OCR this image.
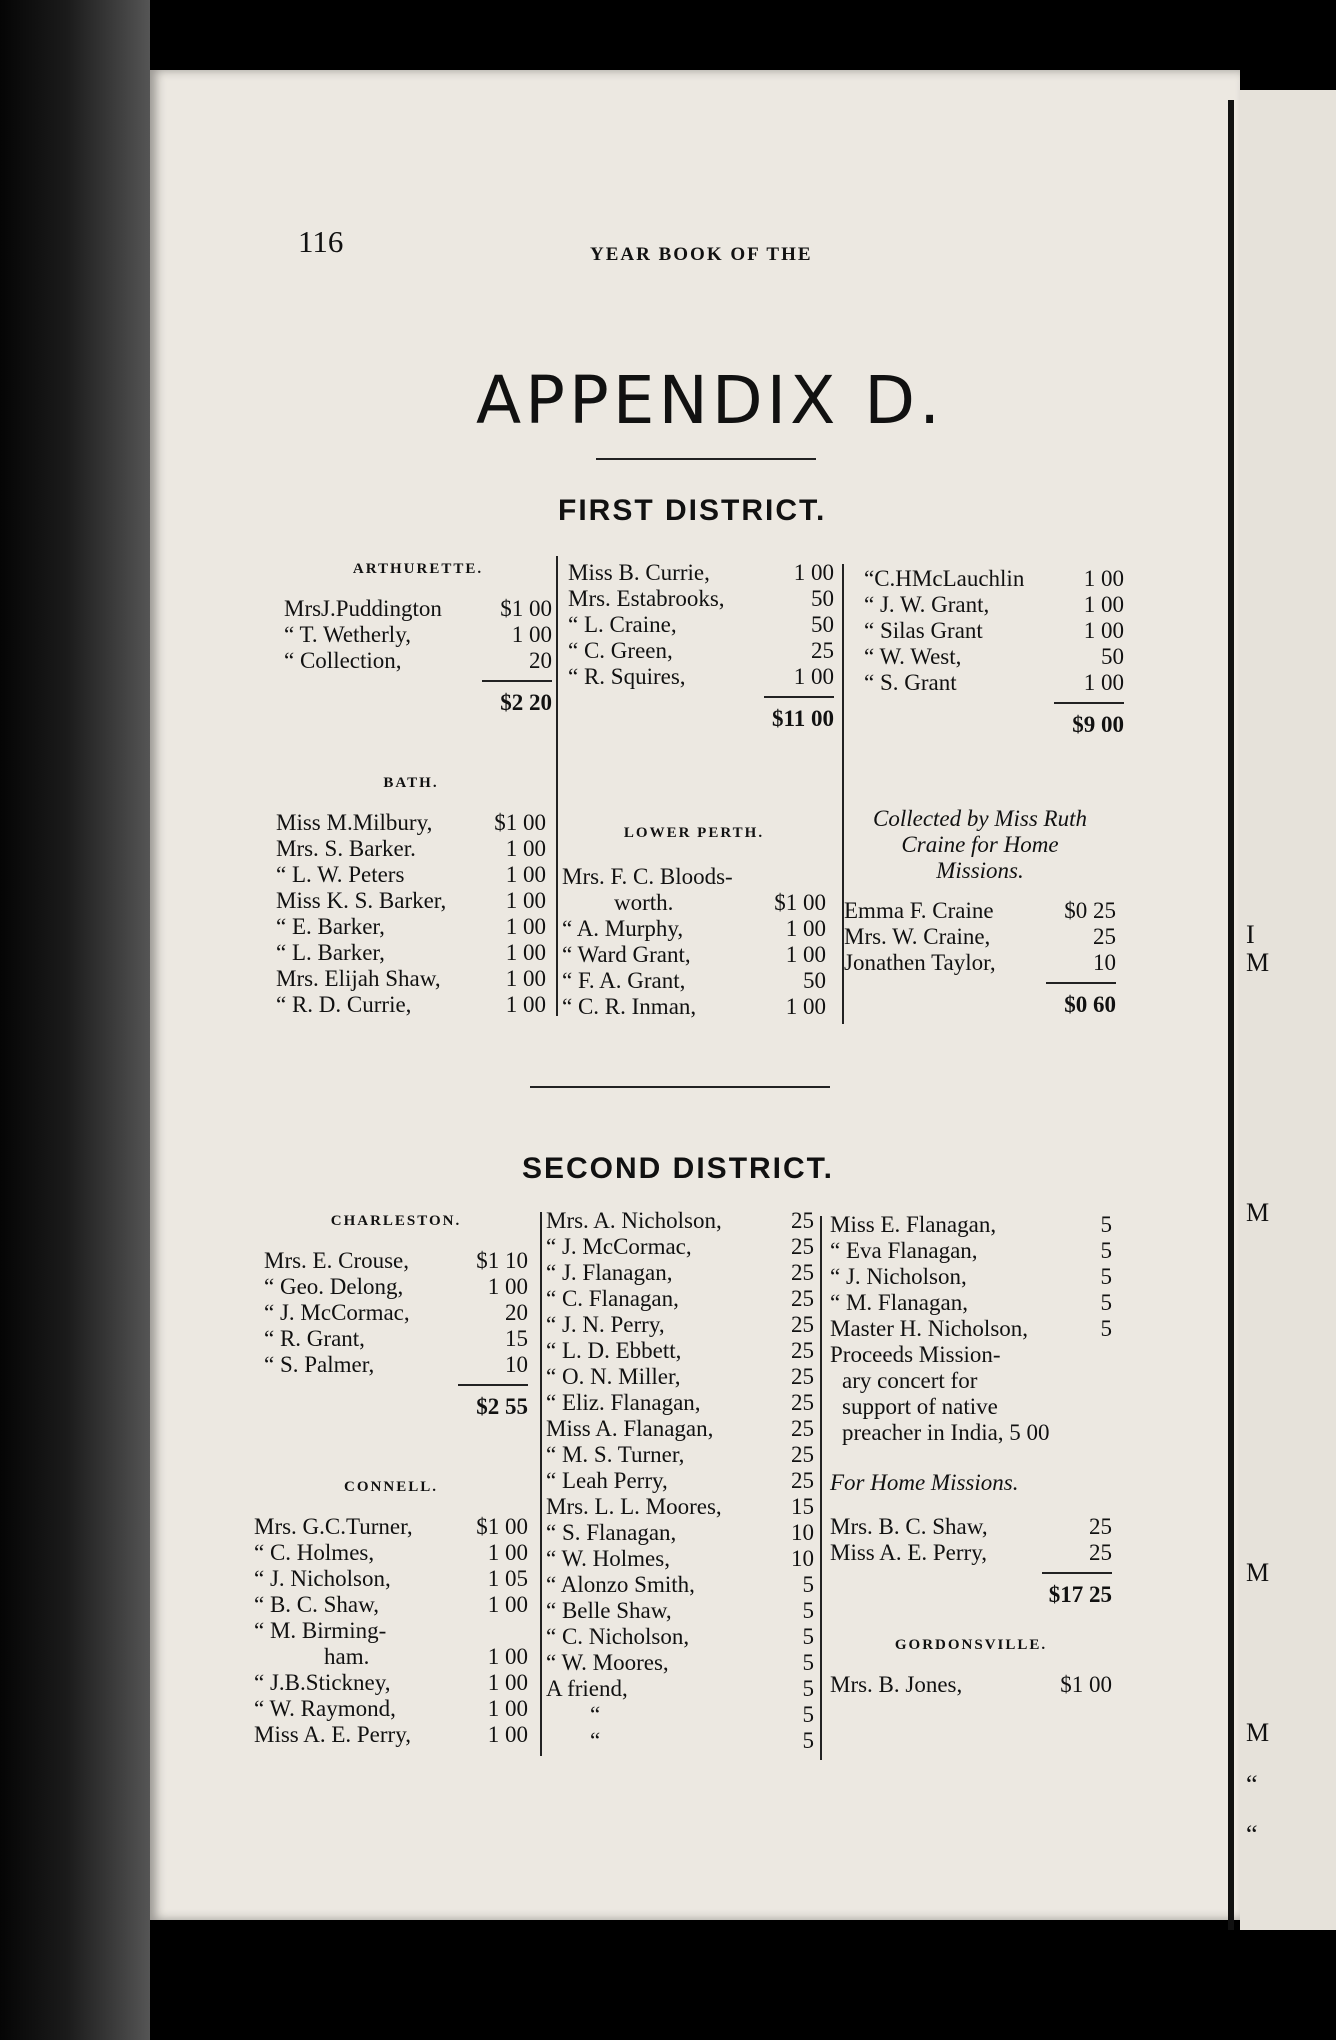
I
M
M
M
M
“
“
116	YEAR BOOK OF THE
APPENDIX D.
FIRST DISTRICT.
ARTHURETTE.
MrsJ.Puddington	$1 00
“ T. Wetherly,	1 00
“ Collection,	20
$2 20
Miss B. Currie,	1 00
Mrs. Estabrooks,	50
“ L. Craine,	50
“ C. Green,	25
“ R. Squires,	1 00
$11 00
“C.HMcLauchlin	1 00
“ J. W. Grant,	1 00
“ Silas Grant	1 00
“ W. West,	50
“ S. Grant	1 00
$9 00
BATH.
Miss M.Milbury,	$1 00
Mrs. S. Barker.	1 00
“ L. W. Peters	1 00
Miss K. S. Barker,	1 00
“ E. Barker,	1 00
“ L. Barker,	1 00
Mrs. Elijah Shaw,	1 00
“ R. D. Currie,	1 00
LOWER PERTH.
Mrs. F. C. Bloods-
worth.	$1 00
“ A. Murphy,	1 00
“ Ward Grant,	1 00
“ F. A. Grant,	50
“ C. R. Inman,	1 00
Collected by Miss Ruth
Craine for Home
Missions.
Emma F. Craine	$0 25
Mrs. W. Craine,	25
Jonathen Taylor,	10
$0 60
SECOND DISTRICT.
CHARLESTON.
Mrs. E. Crouse,	$1 10
“ Geo. Delong,	1 00
“ J. McCormac,	20
“ R. Grant,	15
“ S. Palmer,	10
$2 55
CONNELL.
Mrs. G.C.Turner,	$1 00
“ C. Holmes,	1 00
“ J. Nicholson,	1 05
“ B. C. Shaw,	1 00
“ M. Birming-
ham.	1 00
“ J.B.Stickney,	1 00
“ W. Raymond,	1 00
Miss A. E. Perry,	1 00
Mrs. A. Nicholson,	25
“ J. McCormac,	25
“ J. Flanagan,	25
“ C. Flanagan,	25
“ J. N. Perry,	25
“ L. D. Ebbett,	25
“ O. N. Miller,	25
“ Eliz. Flanagan,	25
Miss A. Flanagan,	25
“ M. S. Turner,	25
“ Leah Perry,	25
Mrs. L. L. Moores,	15
“ S. Flanagan,	10
“ W. Holmes,	10
“ Alonzo Smith,	5
“ Belle Shaw,	5
“ C. Nicholson,	5
“ W. Moores,	5
A friend,	5
“	5
“	5
Miss E. Flanagan,	5
“ Eva Flanagan,	5
“ J. Nicholson,	5
“ M. Flanagan,	5
Master H. Nicholson,	5
Proceeds Mission-
ary concert for
support of native
preacher in India, 5 00
For Home Missions.
Mrs. B. C. Shaw,	25
Miss A. E. Perry,	25
$17 25
GORDONSVILLE.
Mrs. B. Jones,	$1 00
